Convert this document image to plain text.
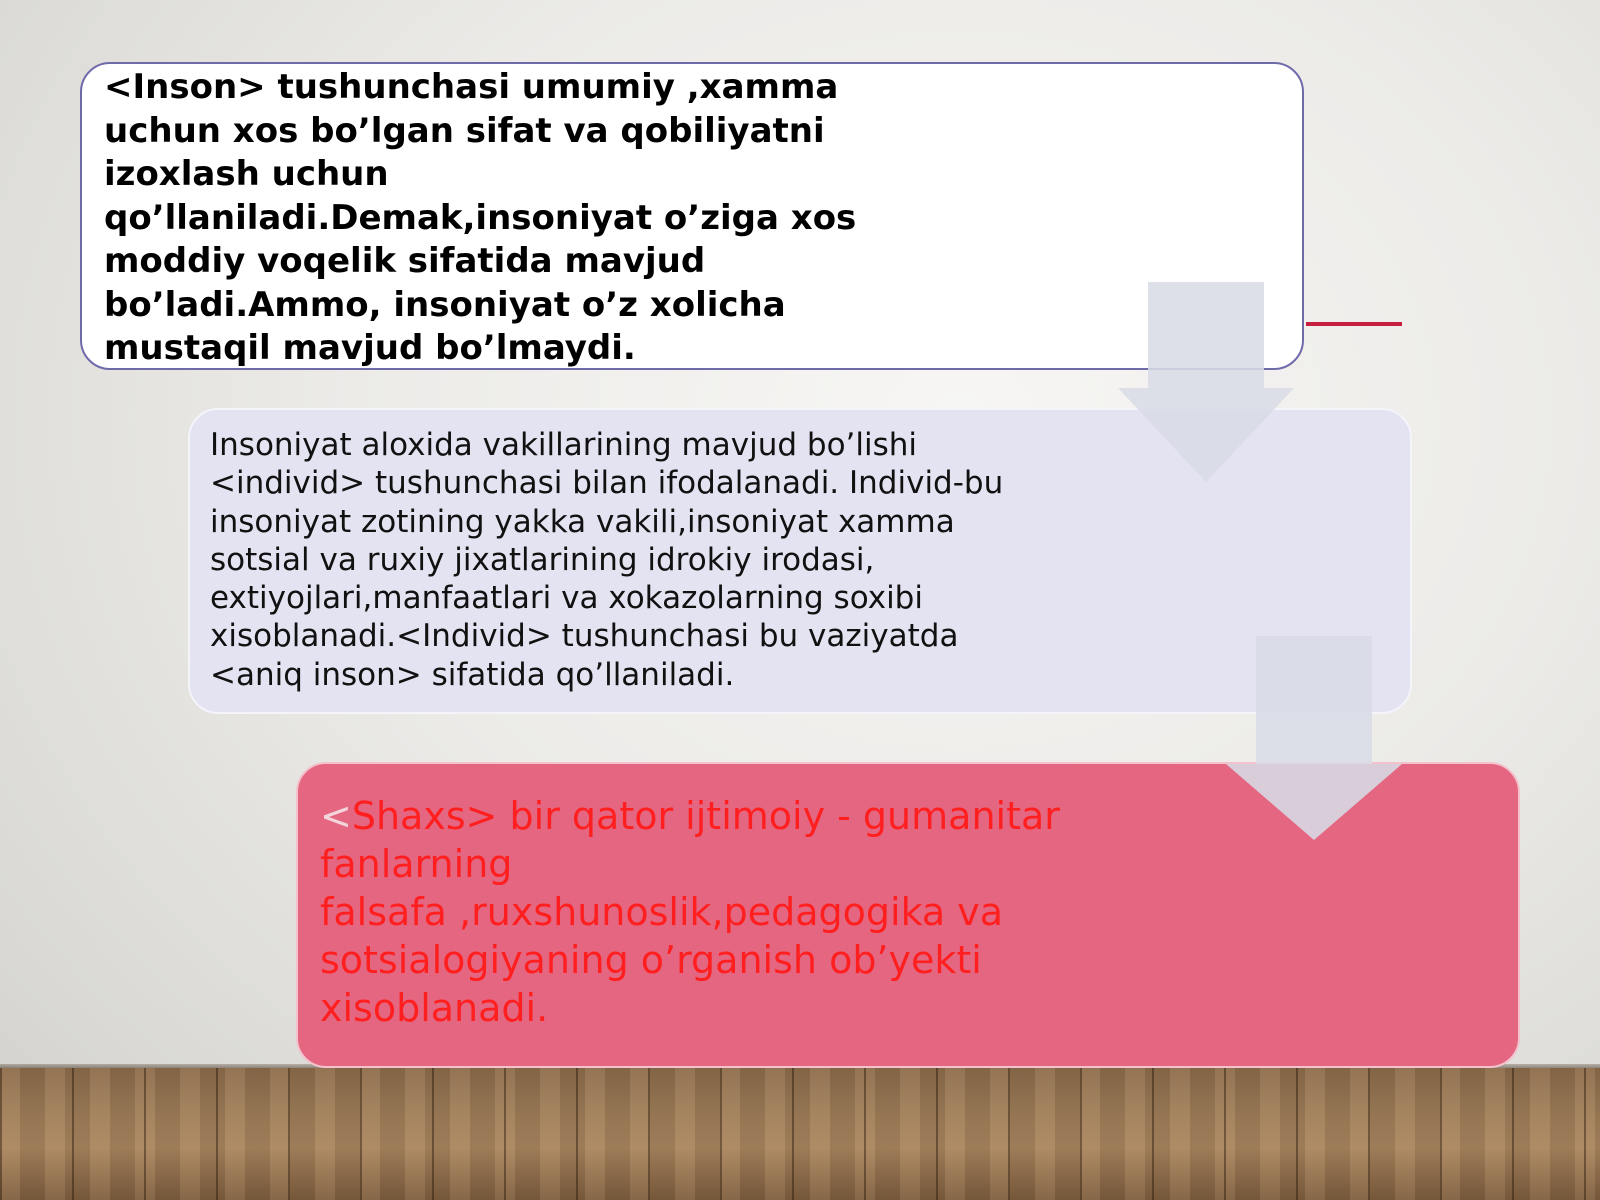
<Inson> tushunchasi umumiy ,xamma
uchun xos bo’lgan sifat va qobiliyatni
izoxlash uchun
qo’llaniladi.Demak,insoniyat o’ziga xos
moddiy voqelik sifatida mavjud
bo’ladi.Ammo, insoniyat o’z xolicha
mustaqil mavjud bo’lmaydi.
Insoniyat aloxida vakillarining mavjud bo’lishi
<individ> tushunchasi bilan ifodalanadi. Individ-bu
insoniyat zotining yakka vakili,insoniyat xamma
sotsial va ruxiy jixatlarining idrokiy irodasi,
extiyojlari,manfaatlari va xokazolarning soxibi
xisoblanadi.<Individ> tushunchasi bu vaziyatda
<aniq inson> sifatida qo’llaniladi.
<Shaxs> bir qator ijtimoiy - gumanitar
fanlarning
falsafa ,ruxshunoslik,pedagogika va
sotsialogiyaning o’rganish ob’yekti
xisoblanadi.
